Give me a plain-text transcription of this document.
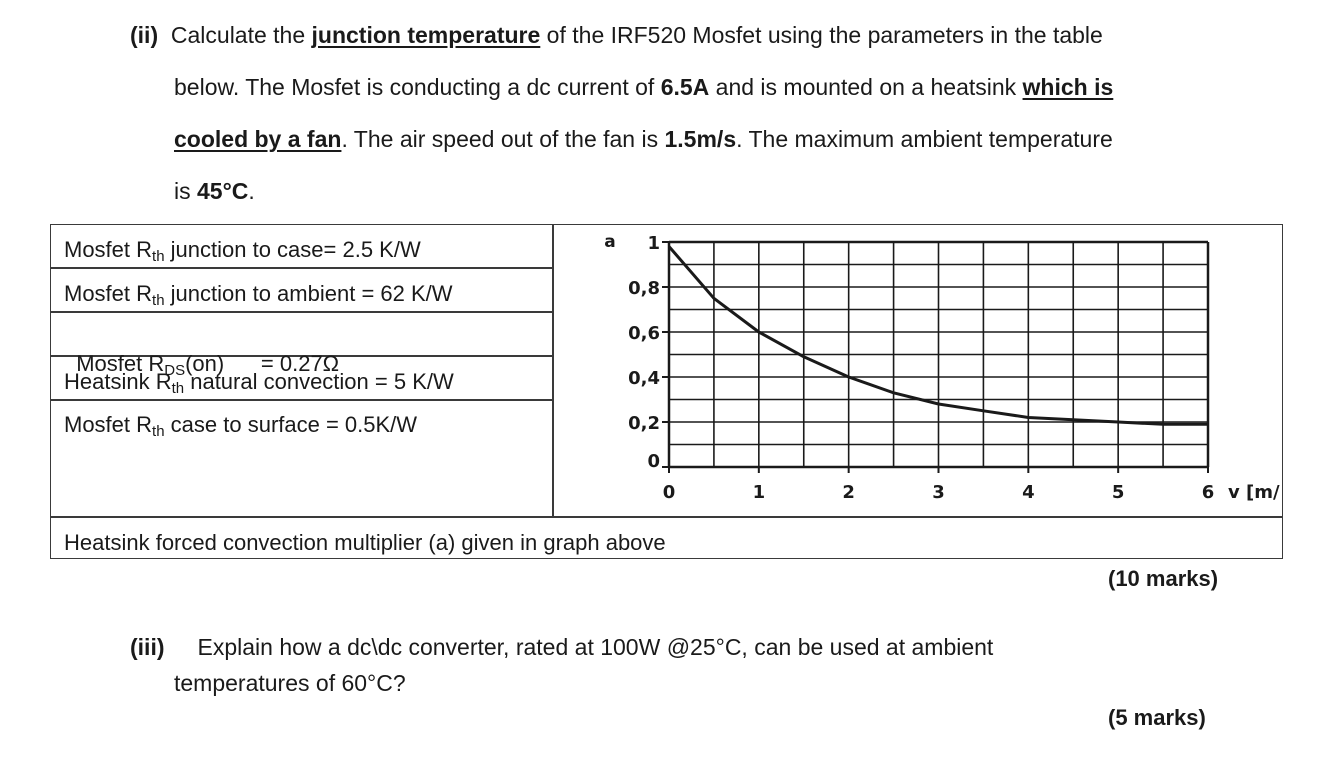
(ii) Calculate the junction temperature of the IRF520 Mosfet using the parameters in the table
below. The Mosfet is conducting a dc current of 6.5A and is mounted on a heatsink which is
cooled by a fan. The air speed out of the fan is 1.5m/s. The maximum ambient temperature
is 45°C.
Mosfet Rth junction to case= 2.5 K/W
Mosfet Rth junction to ambient = 62 K/W

Mosfet RDS(on)      = 0.27Ω

Heatsink Rth natural convection = 5 K/W
Mosfet Rth case to surface = 0.5K/W
Heatsink forced convection multiplier (a) given in graph above
0
0,2
0,4
0,6
0,8
1
0	1	2	3	4	5	6
a
v [m/
(10 marks)
(iii) Explain how a dc\dc converter, rated at 100W @25°C, can be used at ambient
temperatures of 60°C?
(5 marks)
